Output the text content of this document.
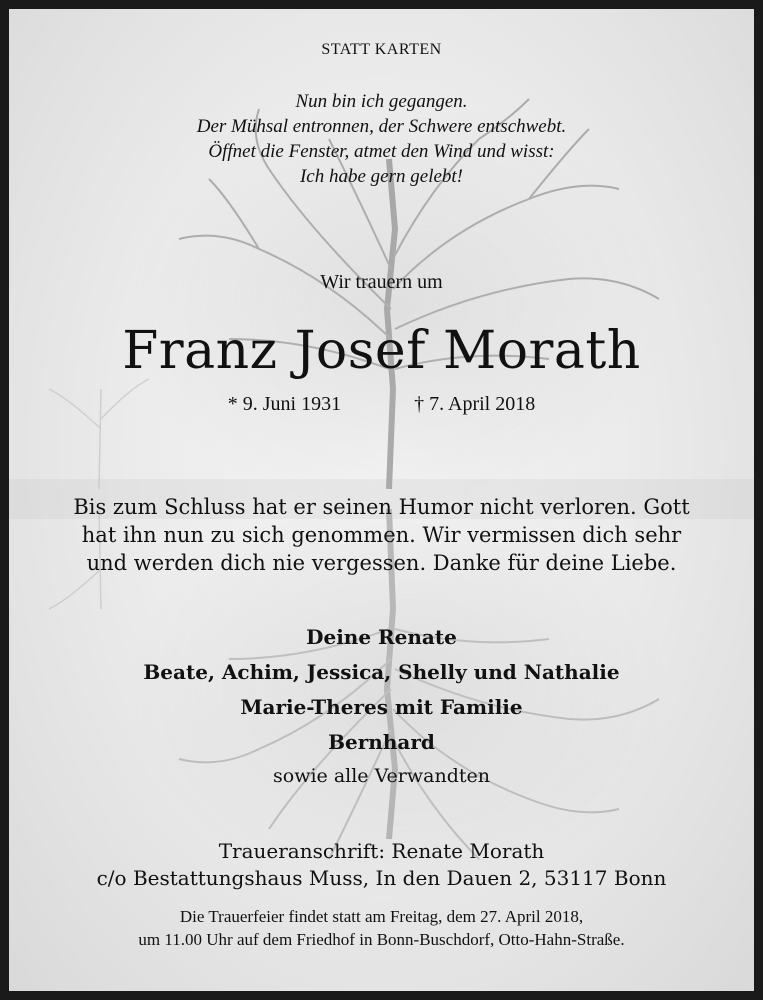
STATT KARTEN
Nun bin ich gegangen.
Der Mühsal entronnen, der Schwere entschwebt.
Öffnet die Fenster, atmet den Wind und wisst:
Ich habe gern gelebt!
Wir trauern um
Franz Josef Morath
* 9. Juni 1931	† 7. April 2018
Bis zum Schluss hat er seinen Humor nicht verloren. Gott
hat ihn nun zu sich genommen. Wir vermissen dich sehr
und werden dich nie vergessen. Danke für deine Liebe.
Deine Renate
Beate, Achim, Jessica, Shelly und Nathalie
Marie-Theres mit Familie
Bernhard
sowie alle Verwandten
Traueranschrift: Renate Morath
c/o Bestattungshaus Muss, In den Dauen 2, 53117 Bonn
Die Trauerfeier findet statt am Freitag, dem 27. April 2018,
um 11.00 Uhr auf dem Friedhof in Bonn-Buschdorf, Otto-Hahn-Straße.
